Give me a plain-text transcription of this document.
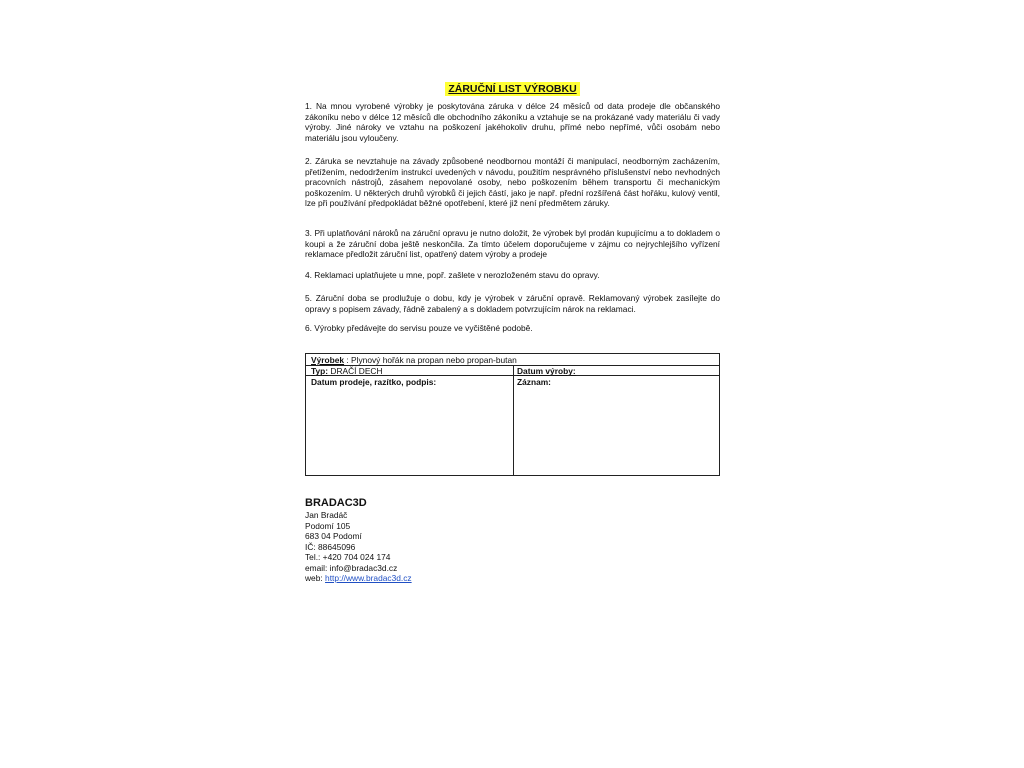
ZÁRUČNÍ LIST VÝROBKU

1. Na mnou vyrobené výrobky je poskytována záruka v délce 24 měsíců od data prodeje dle občanského zákoníku nebo v délce 12 měsíců dle obchodního zákoníku a vztahuje se na prokázané vady materiálu či vady výroby. Jiné nároky ve vztahu na poškození jakéhokoliv druhu, přímé nebo nepřímé, vůči osobám nebo materiálu jsou vyloučeny.

2. Záruka se nevztahuje na závady způsobené neodbornou montáží či manipulací, neodborným zacházením, přetížením, nedodržením instrukcí uvedených v návodu, použitím nesprávného příslušenství nebo nevhodných pracovních nástrojů, zásahem nepovolané osoby, nebo poškozením během transportu či mechanickým poškozením. U některých druhů výrobků či jejich částí, jako je např. přední rozšířená část hořáku, kulový ventil, lze při používání předpokládat běžné opotřebení, které již není předmětem záruky.

3. Při uplatňování nároků na záruční opravu je nutno doložit, že výrobek byl prodán kupujícímu a to dokladem o koupi a že záruční doba ještě neskončila. Za tímto účelem doporučujeme v zájmu co nejrychlejšího vyřízení reklamace předložit záruční list, opatřený datem výroby a prodeje

4. Reklamaci uplatňujete u mne, popř. zašlete v nerozloženém stavu do opravy.

5. Záruční doba se prodlužuje o dobu, kdy je výrobek v záruční opravě. Reklamovaný výrobek zasílejte do opravy s popisem závady, řádně zabalený a s dokladem potvrzujícím nárok na reklamaci.

6. Výrobky předávejte do servisu pouze ve vyčištěné podobě.

Výrobek : Plynový hořák na propan nebo propan-butan
Typ: DRAČÍ DECH	Datum výroby:
Datum prodeje, razítko, podpis:	Záznam:
BRADAC3D
Jan Bradáč
Podomí 105
683 04 Podomí
IČ: 88645096
Tel.: +420 704 024 174
email: info@bradac3d.cz
web: http://www.bradac3d.cz
